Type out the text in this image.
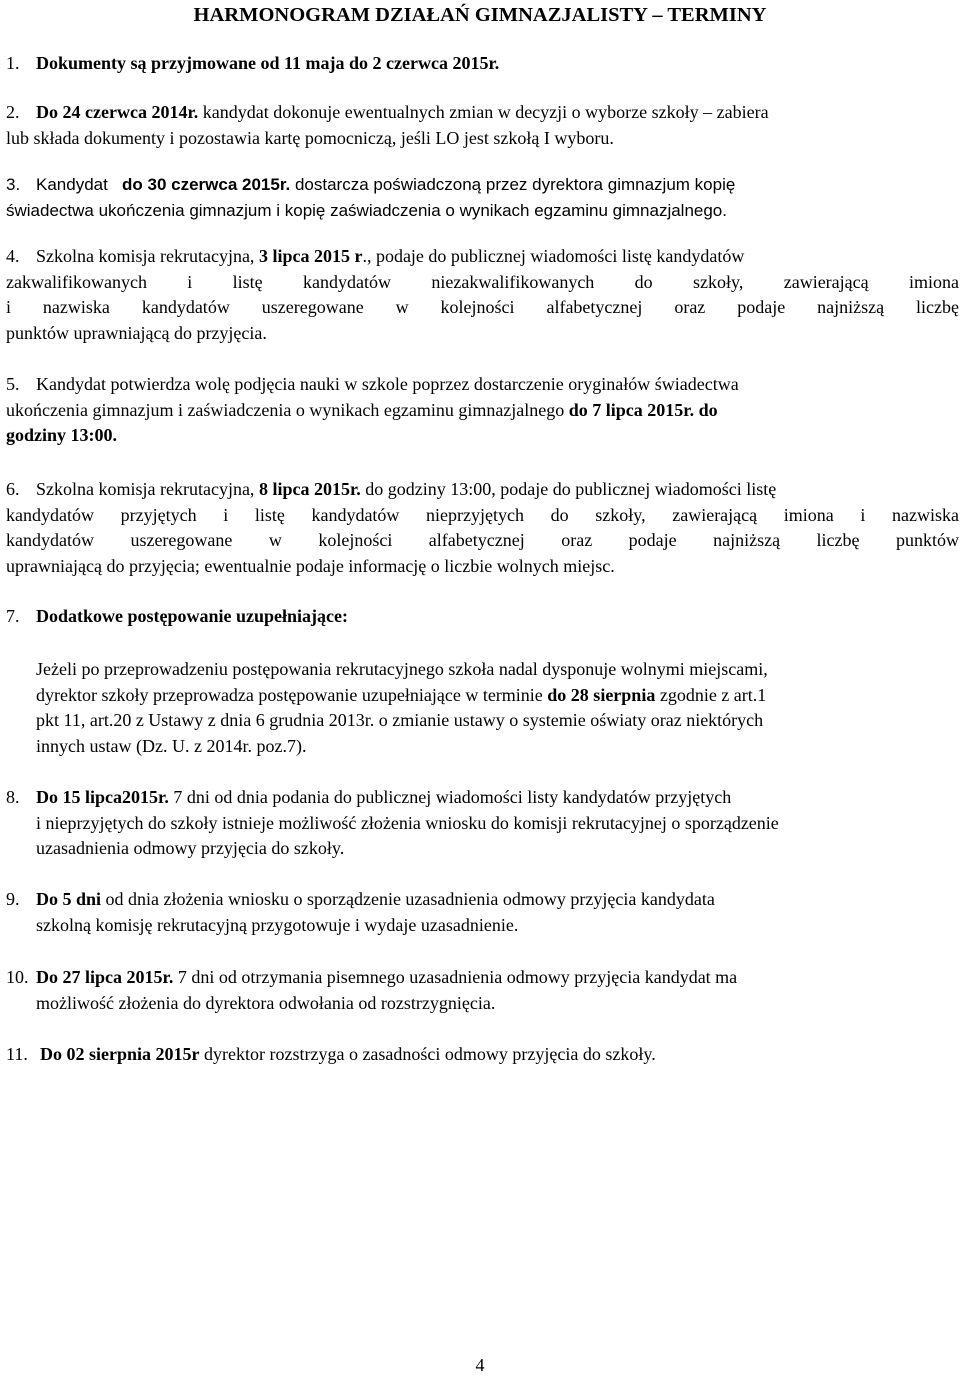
HARMONOGRAM DZIAŁAŃ GIMNAZJALISTY – TERMINY
1. Dokumenty są przyjmowane od 11 maja do 2 czerwca 2015r.
2. Do 24 czerwca 2014r. kandydat dokonuje ewentualnych zmian w decyzji o wyborze szkoły – zabiera
lub składa dokumenty i pozostawia kartę pomocniczą, jeśli LO jest szkołą I wyboru.
3. Kandydat   do 30 czerwca 2015r. dostarcza poświadczoną przez dyrektora gimnazjum kopię
świadectwa ukończenia gimnazjum i kopię zaświadczenia o wynikach egzaminu gimnazjalnego.
4. Szkolna komisja rekrutacyjna, 3 lipca 2015 r., podaje do publicznej wiadomości listę kandydatów
zakwalifikowanych i listę kandydatów niezakwalifikowanych do szkoły, zawierającą imiona
i nazwiska kandydatów uszeregowane w kolejności alfabetycznej oraz podaje najniższą liczbę
punktów uprawniającą do przyjęcia.
5. Kandydat potwierdza wolę podjęcia nauki w szkole poprzez dostarczenie oryginałów świadectwa
ukończenia gimnazjum i zaświadczenia o wynikach egzaminu gimnazjalnego do 7 lipca 2015r. do
godziny 13:00.
6. Szkolna komisja rekrutacyjna, 8 lipca 2015r. do godziny 13:00, podaje do publicznej wiadomości listę
kandydatów przyjętych i listę kandydatów nieprzyjętych do szkoły, zawierającą imiona i nazwiska
kandydatów uszeregowane w kolejności alfabetycznej oraz podaje najniższą liczbę punktów
uprawniającą do przyjęcia; ewentualnie podaje informację o liczbie wolnych miejsc.
7. Dodatkowe postępowanie uzupełniające:
Jeżeli po przeprowadzeniu postępowania rekrutacyjnego szkoła nadal dysponuje wolnymi miejscami,
dyrektor szkoły przeprowadza postępowanie uzupełniające w terminie do 28 sierpnia zgodnie z art.1
pkt 11, art.20 z Ustawy z dnia 6 grudnia 2013r. o zmianie ustawy o systemie oświaty oraz niektórych
innych ustaw (Dz. U. z 2014r. poz.7).
8. Do 15 lipca2015r. 7 dni od dnia podania do publicznej wiadomości listy kandydatów przyjętych
i nieprzyjętych do szkoły istnieje możliwość złożenia wniosku do komisji rekrutacyjnej o sporządzenie
uzasadnienia odmowy przyjęcia do szkoły.
9. Do 5 dni od dnia złożenia wniosku o sporządzenie uzasadnienia odmowy przyjęcia kandydata
szkolną komisję rekrutacyjną przygotowuje i wydaje uzasadnienie.
10. Do 27 lipca 2015r. 7 dni od otrzymania pisemnego uzasadnienia odmowy przyjęcia kandydat ma
możliwość złożenia do dyrektora odwołania od rozstrzygnięcia.
11. Do 02 sierpnia 2015r dyrektor rozstrzyga o zasadności odmowy przyjęcia do szkoły.
4
